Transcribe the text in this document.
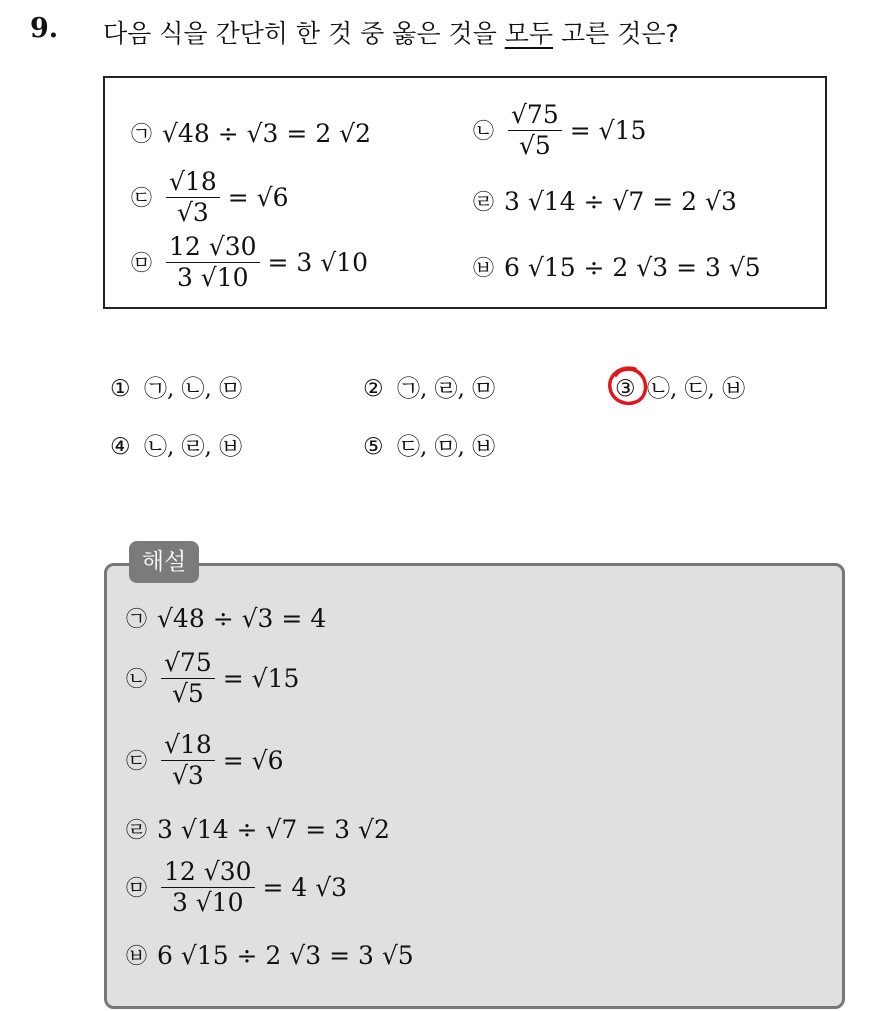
9. 다음 식을 간단히 한 것 중 옳은 것을 모두 고른 것은?
㉠ √48 ÷ √3 = 2 √2	㉡ $\frac{√75}{√5} = √15$
㉢ $\frac{√18}{√3} = √6$	㉣ 3 √14 ÷ √7 = 2 √3
㉤ $\frac{12 √30}{3 √10} = 3$ √10	㉥ 6 √15 ÷ 2 √3 = 3 √5
① ㉠, ㉡, ㉤	② ㉠, ㉣, ㉤	③ ㉡, ㉢, ㉥
④ ㉡, ㉣, ㉥	⑤ ㉢, ㉤, ㉥
해설
㉠ √48 ÷ √3 = 4
㉡ $\frac{√75}{√5} = √15$
㉢ $\frac{√18}{√3} = √6$
㉣ 3 √14 ÷ √7 = 3 √2
㉤ $\frac{12 √30}{3 √10} = 4$ √3
㉥ 6 √15 ÷ 2 √3 = 3 √5
